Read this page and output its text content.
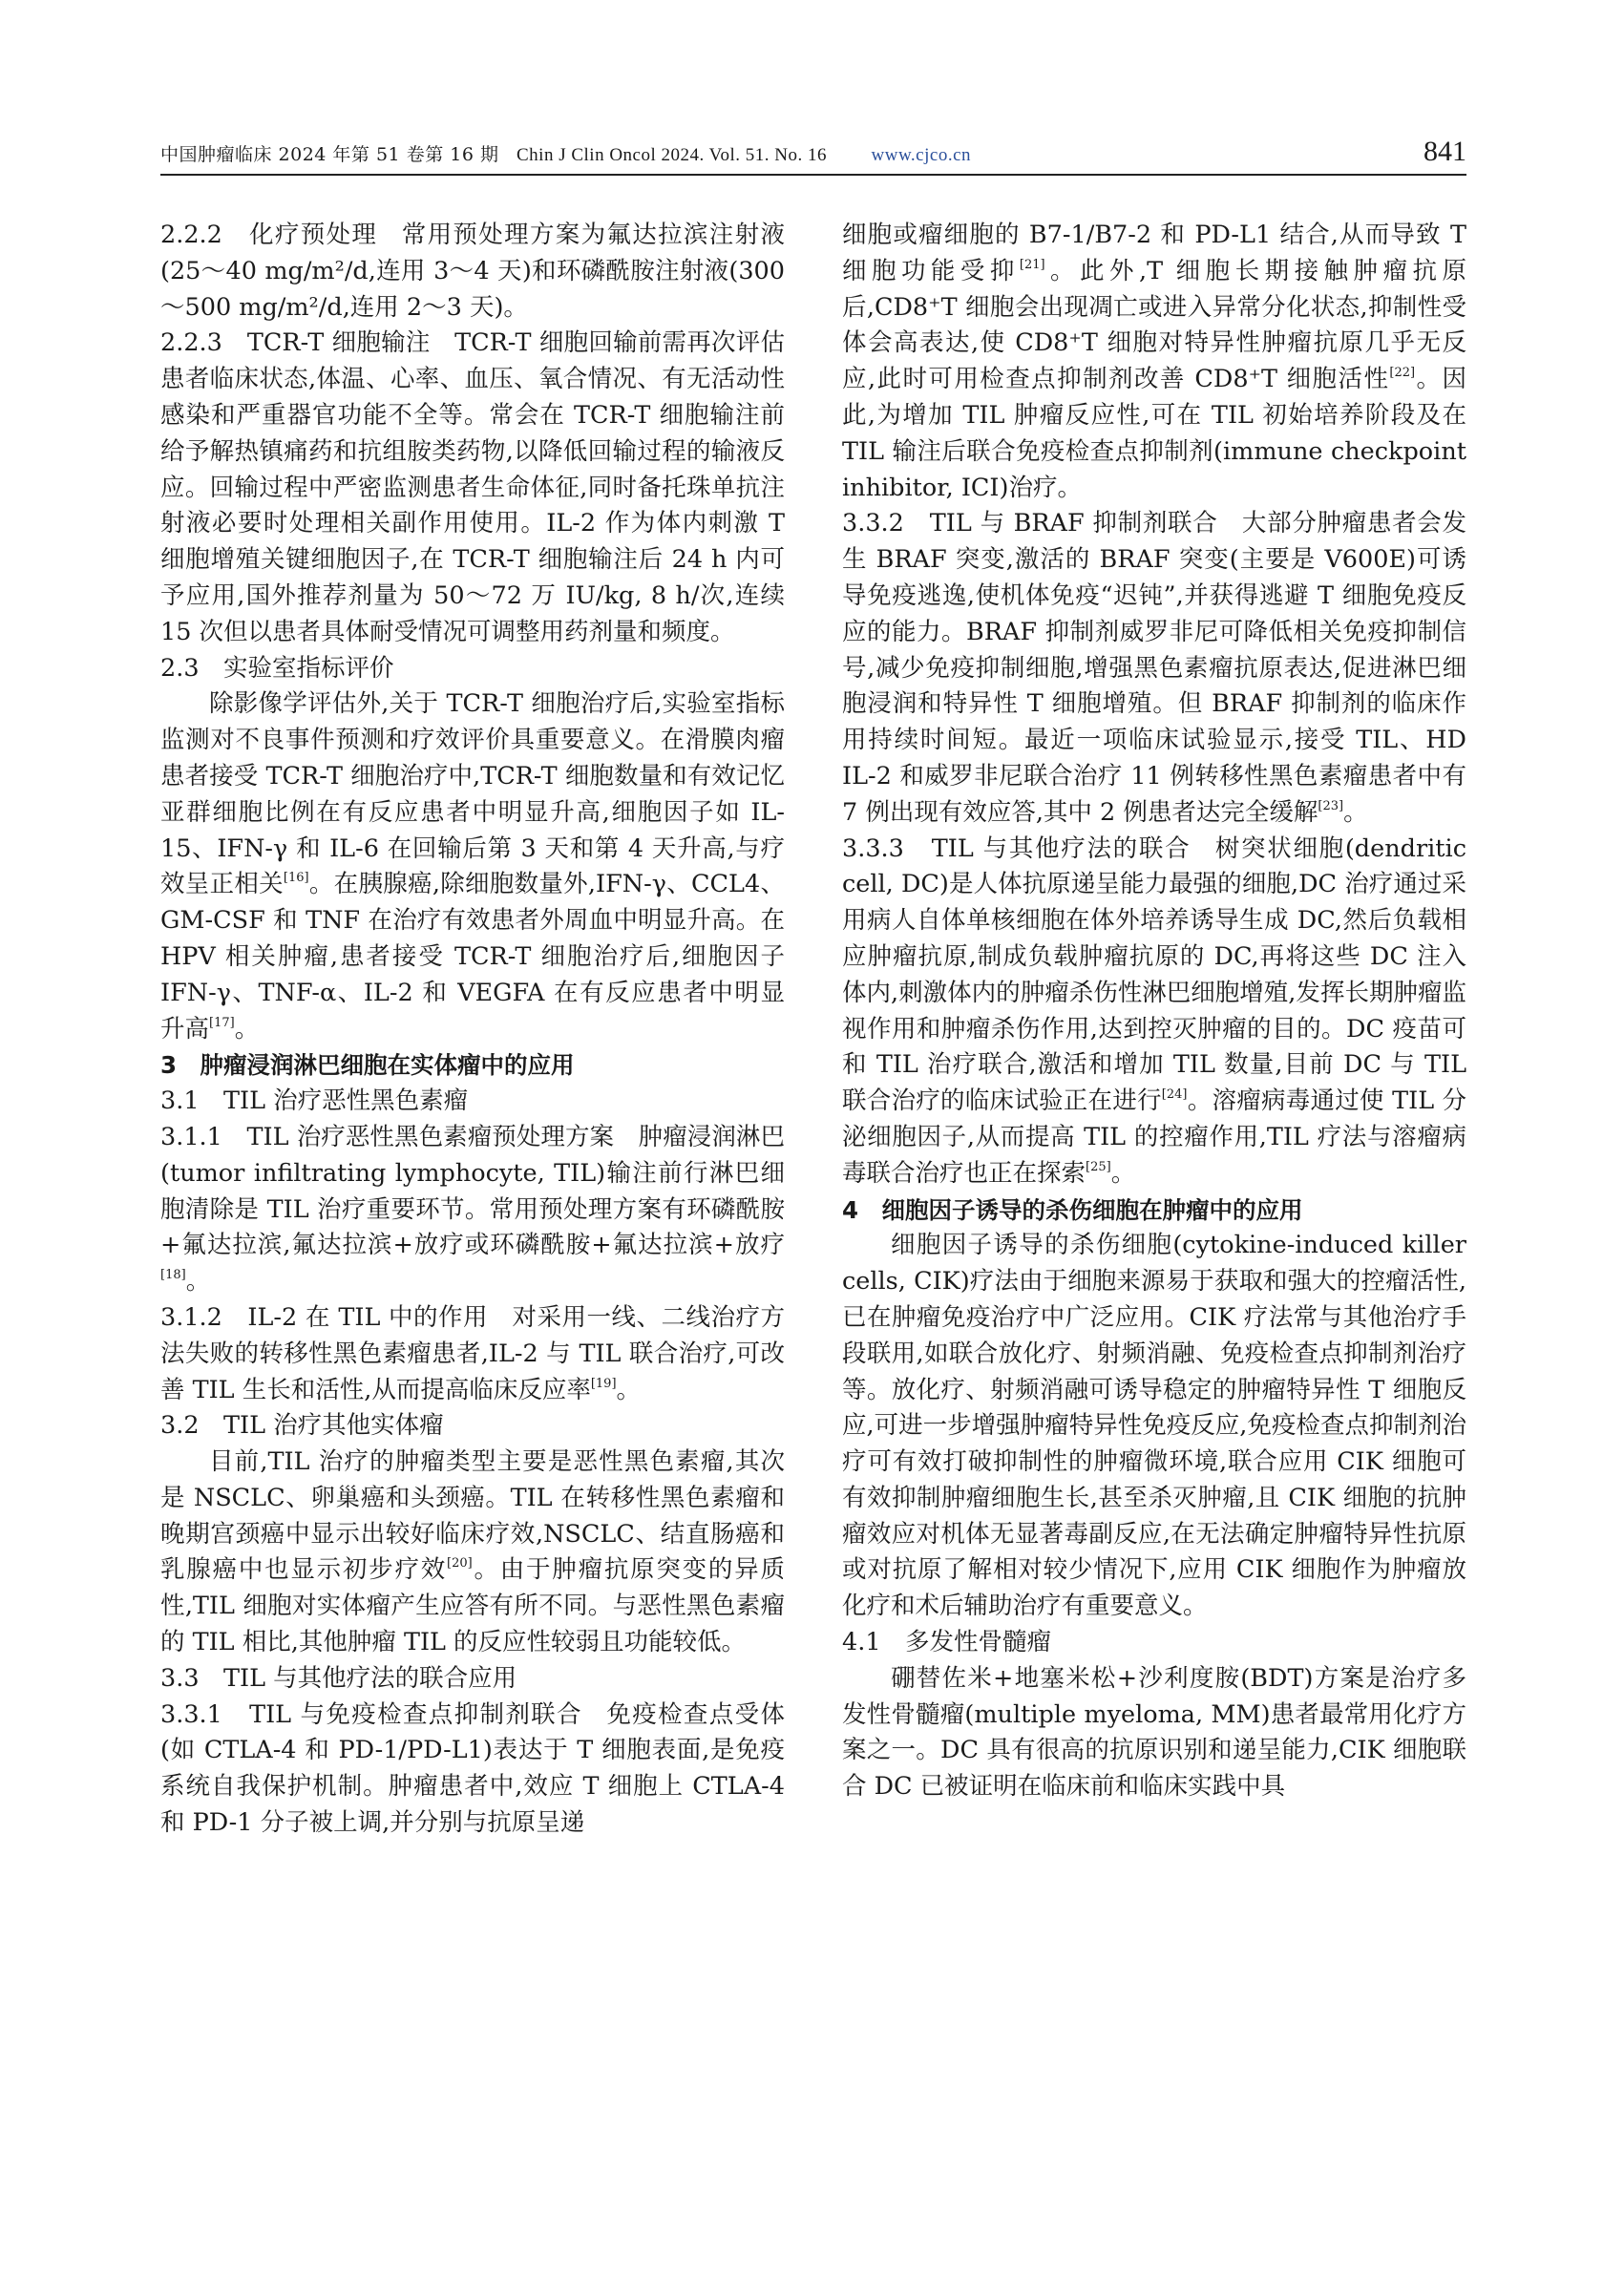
中国肿瘤临床 2024 年第 51 卷第 16 期 Chin J Clin Oncol 2024. Vol. 51. No. 16 www.cjco.cn	841

2.2.2　化疗预处理 常用预处理方案为氟达拉滨注射液(25～40 mg/m²/d,连用 3～4 天)和环磷酰胺注射液(300～500 mg/m²/d,连用 2～3 天)。

2.2.3　TCR-T 细胞输注 TCR-T 细胞回输前需再次评估患者临床状态,体温、心率、血压、氧合情况、有无活动性感染和严重器官功能不全等。常会在 TCR-T 细胞输注前给予解热镇痛药和抗组胺类药物,以降低回输过程的输液反应。回输过程中严密监测患者生命体征,同时备托珠单抗注射液必要时处理相关副作用使用。IL-2 作为体内刺激 T 细胞增殖关键细胞因子,在 TCR-T 细胞输注后 24 h 内可予应用,国外推荐剂量为 50～72 万 IU/kg, 8 h/次,连续 15 次但以患者具体耐受情况可调整用药剂量和频度。

2.3　实验室指标评价

除影像学评估外,关于 TCR-T 细胞治疗后,实验室指标监测对不良事件预测和疗效评价具重要意义。在滑膜肉瘤患者接受 TCR-T 细胞治疗中,TCR-T 细胞数量和有效记忆亚群细胞比例在有反应患者中明显升高,细胞因子如 IL-15、IFN-γ 和 IL-6 在回输后第 3 天和第 4 天升高,与疗效呈正相关[16]。在胰腺癌,除细胞数量外,IFN-γ、CCL4、GM-CSF 和 TNF 在治疗有效患者外周血中明显升高。在 HPV 相关肿瘤,患者接受 TCR-T 细胞治疗后,细胞因子 IFN-γ、TNF-α、IL-2 和 VEGFA 在有反应患者中明显升高[17]。

3　肿瘤浸润淋巴细胞在实体瘤中的应用

3.1　TIL 治疗恶性黑色素瘤

3.1.1　TIL 治疗恶性黑色素瘤预处理方案 肿瘤浸润淋巴(tumor infiltrating lymphocyte, TIL)输注前行淋巴细胞清除是 TIL 治疗重要环节。常用预处理方案有环磷酰胺+氟达拉滨,氟达拉滨+放疗或环磷酰胺+氟达拉滨+放疗[18]。

3.1.2　IL-2 在 TIL 中的作用 对采用一线、二线治疗方法失败的转移性黑色素瘤患者,IL-2 与 TIL 联合治疗,可改善 TIL 生长和活性,从而提高临床反应率[19]。

3.2　TIL 治疗其他实体瘤

目前,TIL 治疗的肿瘤类型主要是恶性黑色素瘤,其次是 NSCLC、卵巢癌和头颈癌。TIL 在转移性黑色素瘤和晚期宫颈癌中显示出较好临床疗效,NSCLC、结直肠癌和乳腺癌中也显示初步疗效[20]。由于肿瘤抗原突变的异质性,TIL 细胞对实体瘤产生应答有所不同。与恶性黑色素瘤的 TIL 相比,其他肿瘤 TIL 的反应性较弱且功能较低。

3.3　TIL 与其他疗法的联合应用

3.3.1　TIL 与免疫检查点抑制剂联合 免疫检查点受体(如 CTLA-4 和 PD-1/PD-L1)表达于 T 细胞表面,是免疫系统自我保护机制。肿瘤患者中,效应 T 细胞上 CTLA-4 和 PD-1 分子被上调,并分别与抗原呈递

细胞或瘤细胞的 B7-1/B7-2 和 PD-L1 结合,从而导致 T 细胞功能受抑[21]。此外,T 细胞长期接触肿瘤抗原后,CD8⁺T 细胞会出现凋亡或进入异常分化状态,抑制性受体会高表达,使 CD8⁺T 细胞对特异性肿瘤抗原几乎无反应,此时可用检查点抑制剂改善 CD8⁺T 细胞活性[22]。因此,为增加 TIL 肿瘤反应性,可在 TIL 初始培养阶段及在 TIL 输注后联合免疫检查点抑制剂(immune checkpoint inhibitor, ICI)治疗。

3.3.2　TIL 与 BRAF 抑制剂联合 大部分肿瘤患者会发生 BRAF 突变,激活的 BRAF 突变(主要是 V600E)可诱导免疫逃逸,使机体免疫“迟钝”,并获得逃避 T 细胞免疫反应的能力。BRAF 抑制剂威罗非尼可降低相关免疫抑制信号,减少免疫抑制细胞,增强黑色素瘤抗原表达,促进淋巴细胞浸润和特异性 T 细胞增殖。但 BRAF 抑制剂的临床作用持续时间短。最近一项临床试验显示,接受 TIL、HD IL-2 和威罗非尼联合治疗 11 例转移性黑色素瘤患者中有 7 例出现有效应答,其中 2 例患者达完全缓解[23]。

3.3.3　TIL 与其他疗法的联合 树突状细胞(dendritic cell, DC)是人体抗原递呈能力最强的细胞,DC 治疗通过采用病人自体单核细胞在体外培养诱导生成 DC,然后负载相应肿瘤抗原,制成负载肿瘤抗原的 DC,再将这些 DC 注入体内,刺激体内的肿瘤杀伤性淋巴细胞增殖,发挥长期肿瘤监视作用和肿瘤杀伤作用,达到控灭肿瘤的目的。DC 疫苗可和 TIL 治疗联合,激活和增加 TIL 数量,目前 DC 与 TIL 联合治疗的临床试验正在进行[24]。溶瘤病毒通过使 TIL 分泌细胞因子,从而提高 TIL 的控瘤作用,TIL 疗法与溶瘤病毒联合治疗也正在探索[25]。

4　细胞因子诱导的杀伤细胞在肿瘤中的应用

细胞因子诱导的杀伤细胞(cytokine-induced killer cells, CIK)疗法由于细胞来源易于获取和强大的控瘤活性,已在肿瘤免疫治疗中广泛应用。CIK 疗法常与其他治疗手段联用,如联合放化疗、射频消融、免疫检查点抑制剂治疗等。放化疗、射频消融可诱导稳定的肿瘤特异性 T 细胞反应,可进一步增强肿瘤特异性免疫反应,免疫检查点抑制剂治疗可有效打破抑制性的肿瘤微环境,联合应用 CIK 细胞可有效抑制肿瘤细胞生长,甚至杀灭肿瘤,且 CIK 细胞的抗肿瘤效应对机体无显著毒副反应,在无法确定肿瘤特异性抗原或对抗原了解相对较少情况下,应用 CIK 细胞作为肿瘤放化疗和术后辅助治疗有重要意义。

4.1　多发性骨髓瘤

硼替佐米+地塞米松+沙利度胺(BDT)方案是治疗多发性骨髓瘤(multiple myeloma, MM)患者最常用化疗方案之一。DC 具有很高的抗原识别和递呈能力,CIK 细胞联合 DC 已被证明在临床前和临床实践中具
